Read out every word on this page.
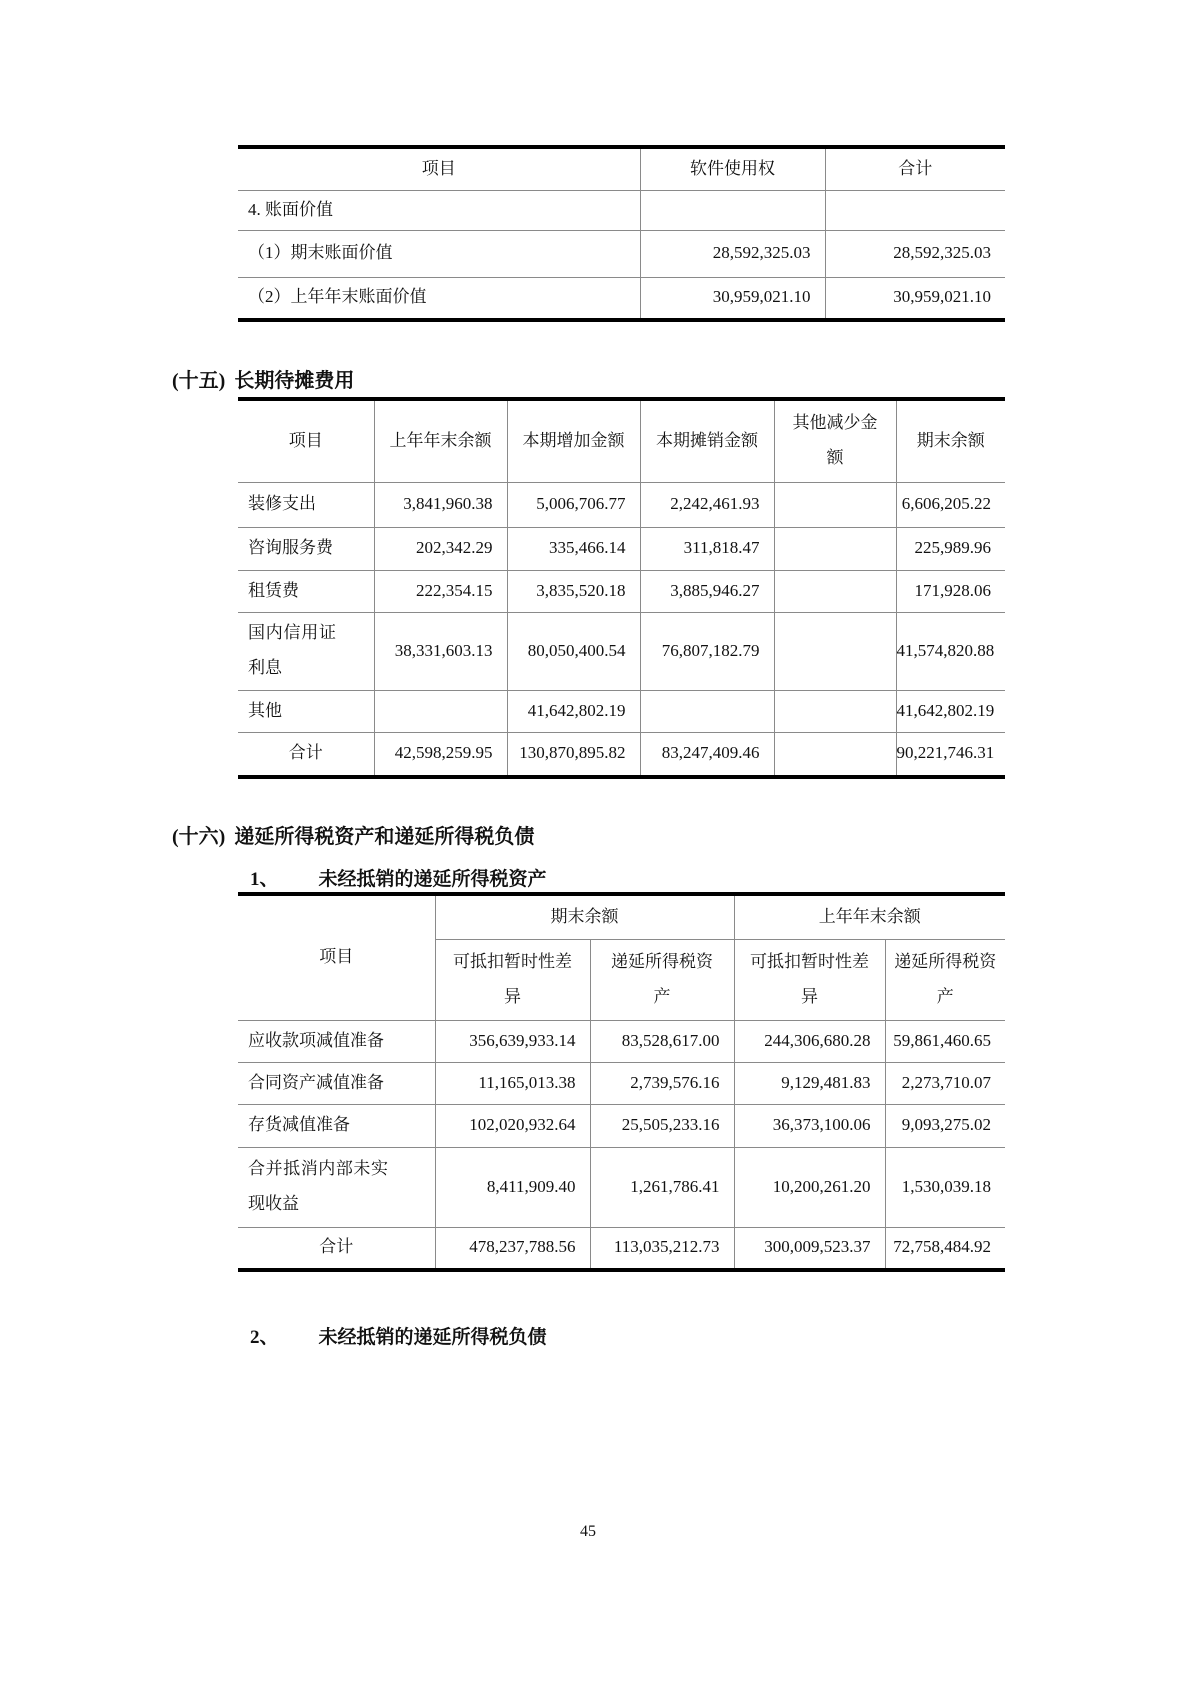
项目	软件使用权	合计
4. 账面价值		
（1）期末账面价值	28,592,325.03	28,592,325.03
（2）上年年末账面价值	30,959,021.10	30,959,021.10
(十五) 长期待摊费用
项目	上年年末余额	本期增加金额	本期摊销金额	其他减少金额	期末余额
装修支出	3,841,960.38	5,006,706.77	2,242,461.93		6,606,205.22
咨询服务费	202,342.29	335,466.14	311,818.47		225,989.96
租赁费	222,354.15	3,835,520.18	3,885,946.27		171,928.06
国内信用证利息	38,331,603.13	80,050,400.54	76,807,182.79		41,574,820.88
其他		41,642,802.19			41,642,802.19
合计	42,598,259.95	130,870,895.82	83,247,409.46		90,221,746.31
(十六) 递延所得税资产和递延所得税负债
1、 未经抵销的递延所得税资产
项目	期末余额		上年年末余额	
	可抵扣暂时性差异	递延所得税资产	可抵扣暂时性差异	递延所得税资产
应收款项减值准备	356,639,933.14	83,528,617.00	244,306,680.28	59,861,460.65
合同资产减值准备	11,165,013.38	2,739,576.16	9,129,481.83	2,273,710.07
存货减值准备	102,020,932.64	25,505,233.16	36,373,100.06	9,093,275.02
合并抵消内部未实现收益	8,411,909.40	1,261,786.41	10,200,261.20	1,530,039.18
合计	478,237,788.56	113,035,212.73	300,009,523.37	72,758,484.92
2、 未经抵销的递延所得税负债
45
